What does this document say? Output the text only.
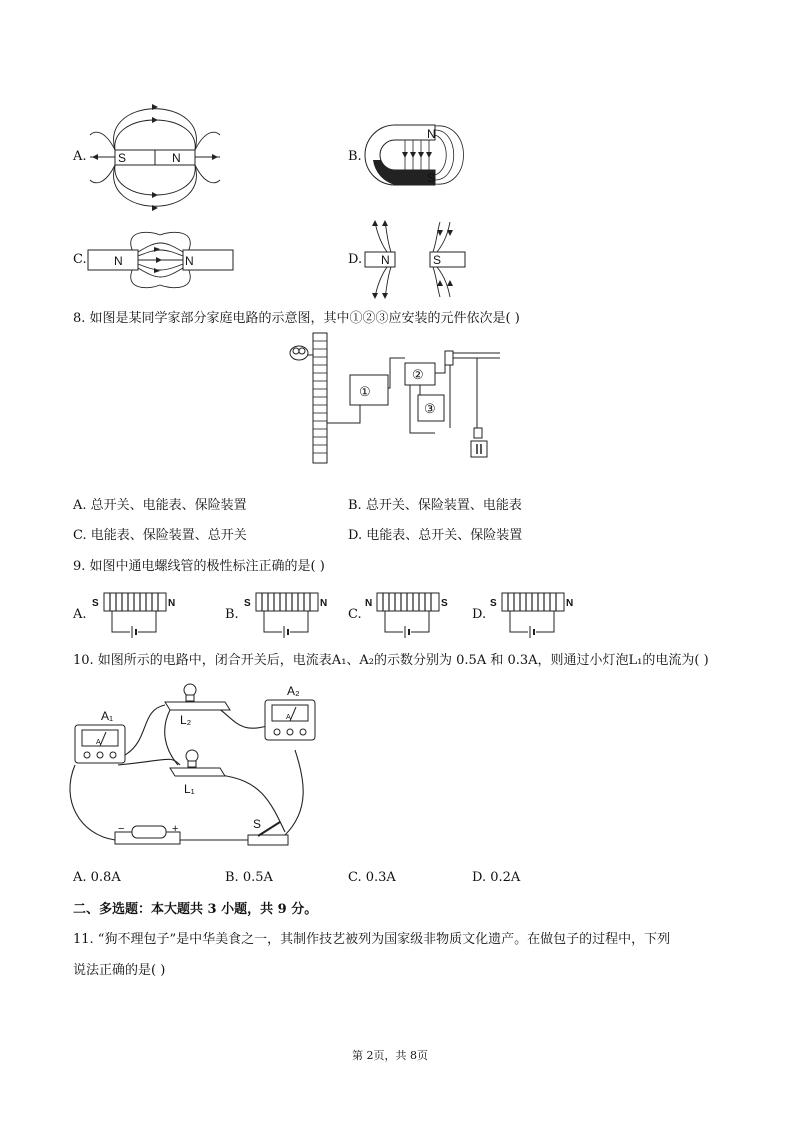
A.	S	N	B.
N
S
C. N	N	D. N	S
8. 如图是某同学家部分家庭电路的示意图，其中①②③应安装的元件依次是( )
①
②
③
A. 总开关、电能表、保险装置	B. 总开关、保险装置、电能表
C. 电能表、保险装置、总开关	D. 电能表、总开关、保险装置
9. 如图中通电螺线管的极性标注正确的是( )
A.
S	N
B.
S	N
C.
N	S
D.
S	N
10. 如图所示的电路中，闭合开关后，电流表A₁、A₂的示数分别为 0.5A 和 0.3A，则通过小灯泡L₁的电流为( )
A
A₁	A
A₂
L₂
L₁
−	+	S
A. 0.8A	B. 0.5A	C. 0.3A	D. 0.2A
二、多选题：本大题共 3 小题，共 9 分。
11. “狗不理包子”是中华美食之一，其制作技艺被列为国家级非物质文化遗产。在做包子的过程中，下列
说法正确的是( )
第 2页，共 8页
